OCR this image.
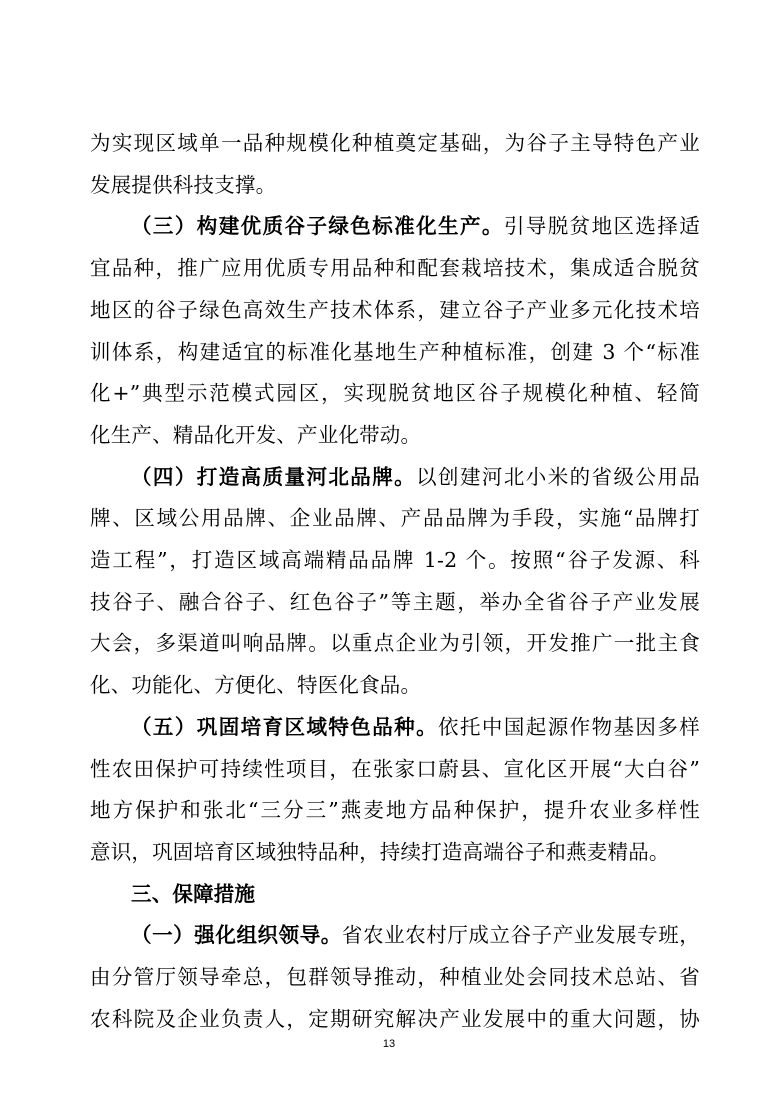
为实现区域单一品种规模化种植奠定基础，为谷子主导特色产业

发展提供科技支撑。

（三）构建优质谷子绿色标准化生产。引导脱贫地区选择适

宜品种，推广应用优质专用品种和配套栽培技术，集成适合脱贫

地区的谷子绿色高效生产技术体系，建立谷子产业多元化技术培

训体系，构建适宜的标准化基地生产种植标准，创建 3 个“标准

化+”典型示范模式园区，实现脱贫地区谷子规模化种植、轻简

化生产、精品化开发、产业化带动。

（四）打造高质量河北品牌。以创建河北小米的省级公用品

牌、区域公用品牌、企业品牌、产品品牌为手段，实施“品牌打

造工程”，打造区域高端精品品牌 1-2 个。按照“谷子发源、科

技谷子、融合谷子、红色谷子”等主题，举办全省谷子产业发展

大会，多渠道叫响品牌。以重点企业为引领，开发推广一批主食

化、功能化、方便化、特医化食品。

（五）巩固培育区域特色品种。依托中国起源作物基因多样

性农田保护可持续性项目，在张家口蔚县、宣化区开展“大白谷”

地方保护和张北“三分三”燕麦地方品种保护，提升农业多样性

意识，巩固培育区域独特品种，持续打造高端谷子和燕麦精品。

三、保障措施

（一）强化组织领导。省农业农村厅成立谷子产业发展专班，

由分管厅领导牵总，包群领导推动，种植业处会同技术总站、省

农科院及企业负责人，定期研究解决产业发展中的重大问题，协

13
